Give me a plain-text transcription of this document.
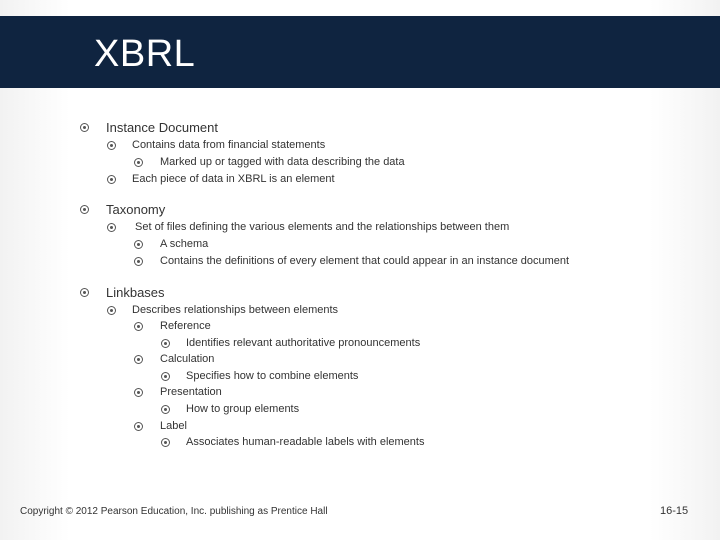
XBRL
Instance Document
Contains data from financial statements
Marked up or tagged with data describing the data
Each piece of data in XBRL is an element
Taxonomy
Set of files defining the various elements and the relationships between them
A schema
Contains the definitions of every element that could appear in an instance document
Linkbases
Describes relationships between elements
Reference
Identifies relevant authoritative pronouncements
Calculation
Specifies how to combine elements
Presentation
How to group elements
Label
Associates human-readable labels with elements
Copyright © 2012 Pearson Education, Inc. publishing as Prentice Hall	16-15
